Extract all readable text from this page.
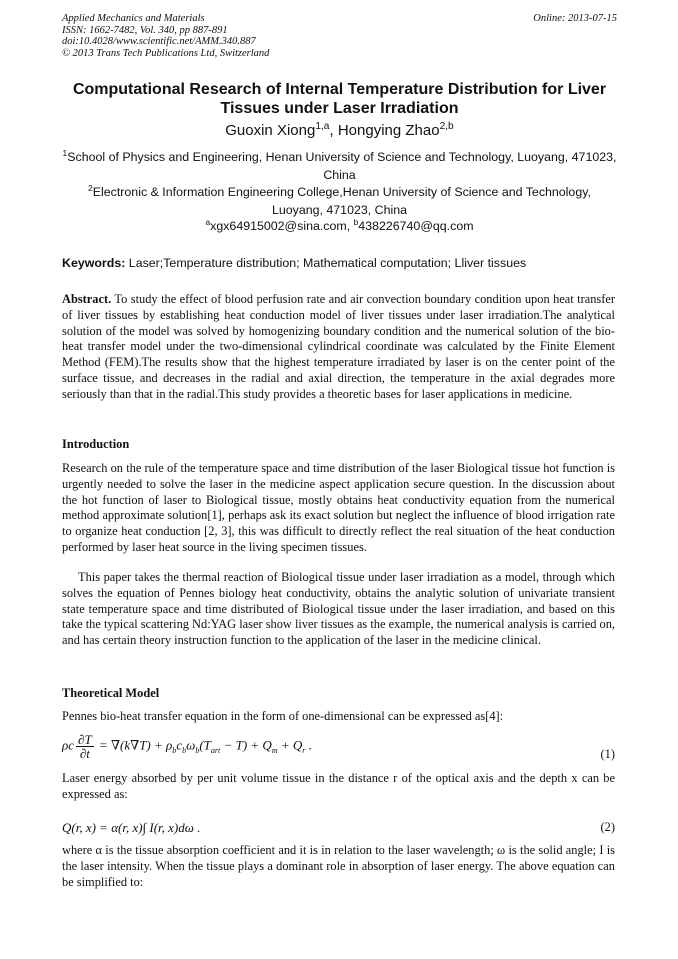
Applied Mechanics and Materials
ISSN: 1662-7482, Vol. 340, pp 887-891
doi:10.4028/www.scientific.net/AMM.340.887
© 2013 Trans Tech Publications Ltd, Switzerland
Online: 2013-07-15
Computational Research of Internal Temperature Distribution for Liver Tissues under Laser Irradiation
Guoxin Xiong$^{1,a}$, Hongying Zhao$^{2,b}$
$^1$School of Physics and Engineering, Henan University of Science and Technology, Luoyang, 471023, China
$^2$Electronic & Information Engineering College,Henan University of Science and Technology, Luoyang, 471023, China
$^a$xgx64915002@sina.com, $^b$438226740@qq.com
Keywords: Laser;Temperature distribution; Mathematical computation; Lliver tissues
Abstract. To study the effect of blood perfusion rate and air convection boundary condition upon heat transfer of liver tissues by establishing heat conduction model of liver tissues under laser irradiation.The analytical solution of the model was solved by homogenizing boundary condition and the numerical solution of the bio-heat transfer model under the two-dimensional cylindrical coordinate was calculated by the Finite Element Method (FEM).The results show that the highest temperature irradiated by laser is on the center point of the surface tissue, and decreases in the radial and axial direction, the temperature in the axial degrades more seriously than that in the radial.This study provides a theoretic bases for laser applications in medicine.
Introduction
Research on the rule of the temperature space and time distribution of the laser Biological tissue hot function is urgently needed to solve the laser in the medicine aspect application secure question. In the discussion about the hot function of laser to Biological tissue, mostly obtains heat conductivity equation from the numerical method approximate solution[1], perhaps ask its exact solution but neglect the influence of blood irrigation rate to organize heat conduction [2, 3], this was difficult to directly reflect the real situation of the heat conduction performed by laser heat source in the living specimen tissues.
This paper takes the thermal reaction of Biological tissue under laser irradiation as a model, through which solves the equation of Pennes biology heat conductivity, obtains the analytic solution of univariate transient state temperature space and time distributed of Biological tissue under the laser irradiation, and based on this take the typical scattering Nd:YAG laser show liver tissues as the example, the numerical analysis is carried on, and has certain theory instruction function to the application of the laser in the medicine clinical.
Theoretical Model
Pennes bio-heat transfer equation in the form of one-dimensional can be expressed as[4]:
ρc $\frac{\partial T}{\partial t} = \nabla(k\nabla T) + \rho_bc_b\omega_b(T_{art} - T) + Q_m + Q_r$ .
(1)
Laser energy absorbed by per unit volume tissue in the distance r of the optical axis and the depth x can be expressed as:
Q(r, x) = α(r, x)∫ I(r, x)dω .	(2)
where α is the tissue absorption coefficient and it is in relation to the laser wavelength; ω is the solid angle; I is the laser intensity. When the tissue plays a dominant role in absorption of laser energy. The above equation can be simplified to:
